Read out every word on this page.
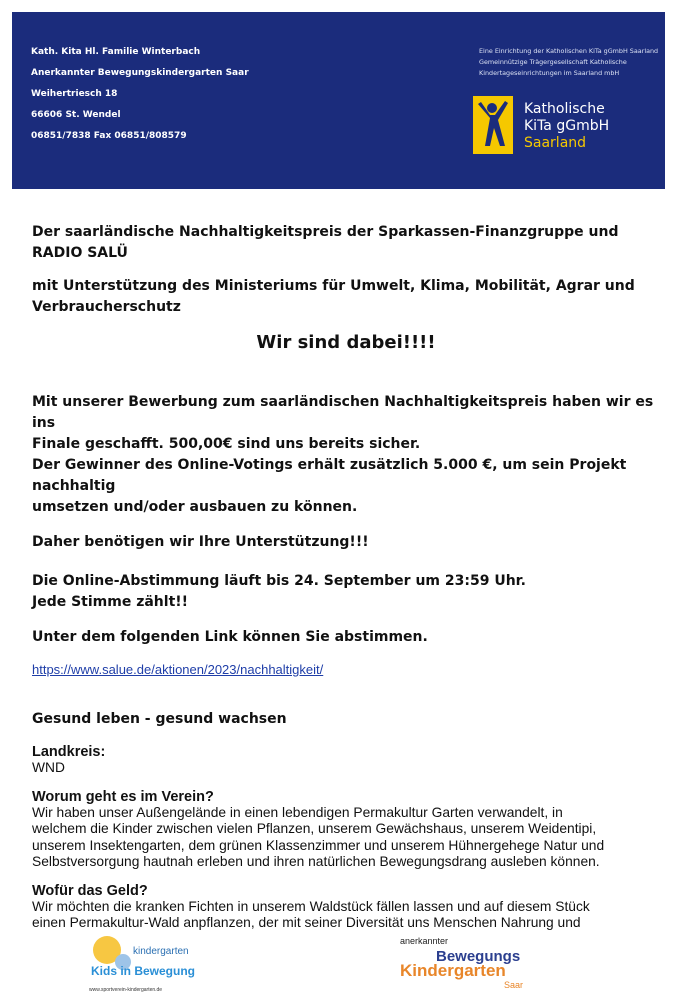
Kath. Kita Hl. Familie Winterbach
Anerkannter Bewegungskindergarten Saar
Weihertriesch 18
66606 St. Wendel
06851/7838 Fax 06851/808579
Eine Einrichtung der Katholischen KiTa gGmbH Saarland
Gemeinnützige Trägergesellschaft Katholische
Kindertageseinrichtungen im Saarland mbH
Katholische
KiTa gGmbH
Saarland
Der saarländische Nachhaltigkeitspreis der Sparkassen-Finanzgruppe und RADIO SALÜ
mit Unterstützung des Ministeriums für Umwelt, Klima, Mobilität, Agrar und Verbraucherschutz
Wir sind dabei!!!!
Mit unserer Bewerbung zum saarländischen Nachhaltigkeitspreis haben wir es ins
Finale geschafft. 500,00€ sind uns bereits sicher.
Der Gewinner des Online-Votings erhält zusätzlich 5.000 €, um sein Projekt nachhaltig
umsetzen und/oder ausbauen zu können.
Daher benötigen wir Ihre Unterstützung!!!
Die Online-Abstimmung läuft bis 24. September um 23:59 Uhr.
Jede Stimme zählt!!
Unter dem folgenden Link können Sie abstimmen.
https://www.salue.de/aktionen/2023/nachhaltigkeit/
Gesund leben - gesund wachsen
Landkreis:
WND
Worum geht es im Verein?
Wir haben unser Außengelände in einen lebendigen Permakultur Garten verwandelt, in
welchem die Kinder zwischen vielen Pflanzen, unserem Gewächshaus, unserem Weidentipi,
unserem Insektengarten, dem grünen Klassenzimmer und unserem Hühnergehege Natur und
Selbstversorgung hautnah erleben und ihren natürlichen Bewegungsdrang ausleben können.
Wofür das Geld?
Wir möchten die kranken Fichten in unserem Waldstück fällen lassen und auf diesem Stück
einen Permakultur-Wald anpflanzen, der mit seiner Diversität uns Menschen Nahrung und
kindergarten
Kids in Bewegung
www.sportverein-kindergarten.de
anerkannter
Bewegungs
Kindergarten
Saar
